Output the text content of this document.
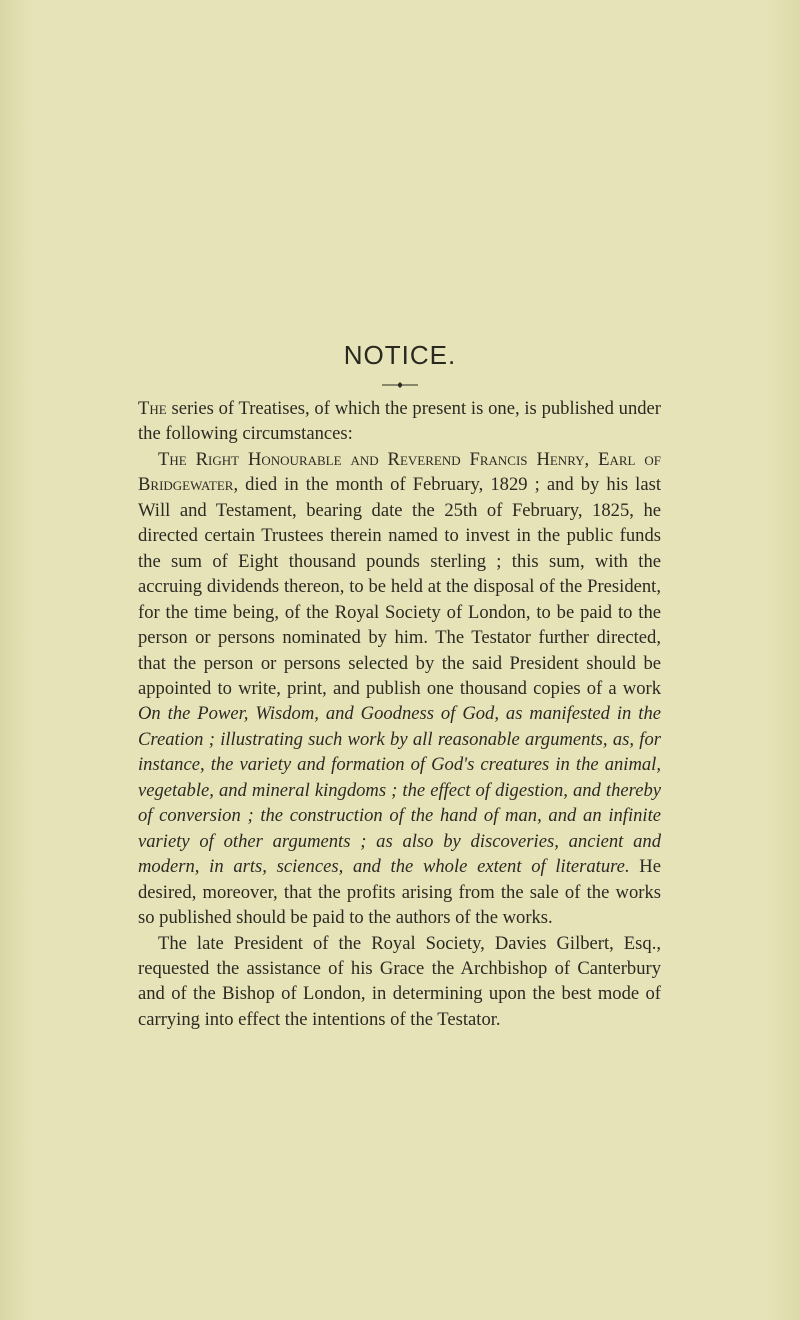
NOTICE.

The series of Treatises, of which the present is one, is published under the following circumstances:

The Right Honourable and Reverend Francis Henry, Earl of Bridgewater, died in the month of February, 1829 ; and by his last Will and Testament, bearing date the 25th of February, 1825, he directed certain Trustees therein named to invest in the public funds the sum of Eight thousand pounds sterling ; this sum, with the accruing dividends thereon, to be held at the disposal of the President, for the time being, of the Royal Society of London, to be paid to the person or persons nominated by him. The Testator further directed, that the person or persons selected by the said President should be appointed to write, print, and publish one thousand copies of a work On the Power, Wisdom, and Goodness of God, as manifested in the Creation ; illustrating such work by all reasonable arguments, as, for instance, the variety and formation of God's creatures in the animal, vegetable, and mineral kingdoms ; the effect of digestion, and thereby of conversion ; the construction of the hand of man, and an infinite variety of other arguments ; as also by discoveries, ancient and modern, in arts, sciences, and the whole extent of literature. He desired, moreover, that the profits arising from the sale of the works so published should be paid to the authors of the works.

The late President of the Royal Society, Davies Gilbert, Esq., requested the assistance of his Grace the Archbishop of Canterbury and of the Bishop of London, in determining upon the best mode of carrying into effect the intentions of the Testator.
